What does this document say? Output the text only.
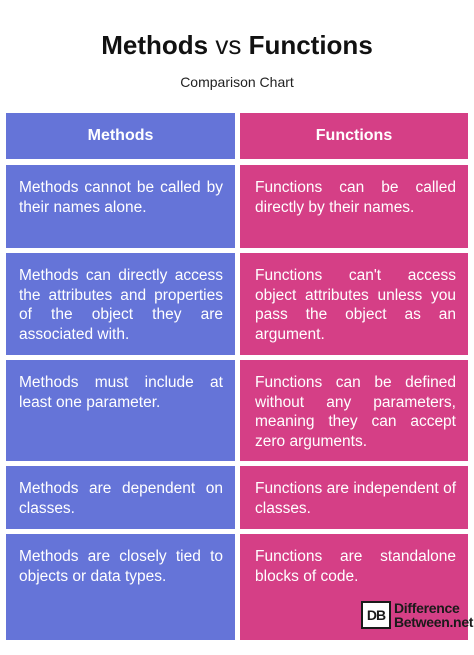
Methods vs Functions
Comparison Chart
Methods	Functions

Methods cannot be called by their names alone.

Functions can be called directly by their names.

Methods can directly access the attributes and properties of the object they are associated with.

Functions can't access object attributes unless you pass the object as an argument.

Methods must include at least one parameter.

Functions can be defined without any parameters, meaning they can accept zero arguments.

Methods are dependent on classes.

Functions are independent of classes.

Methods are closely tied to objects or data types.

Functions are standalone blocks of code.

DB Difference
Between.net
